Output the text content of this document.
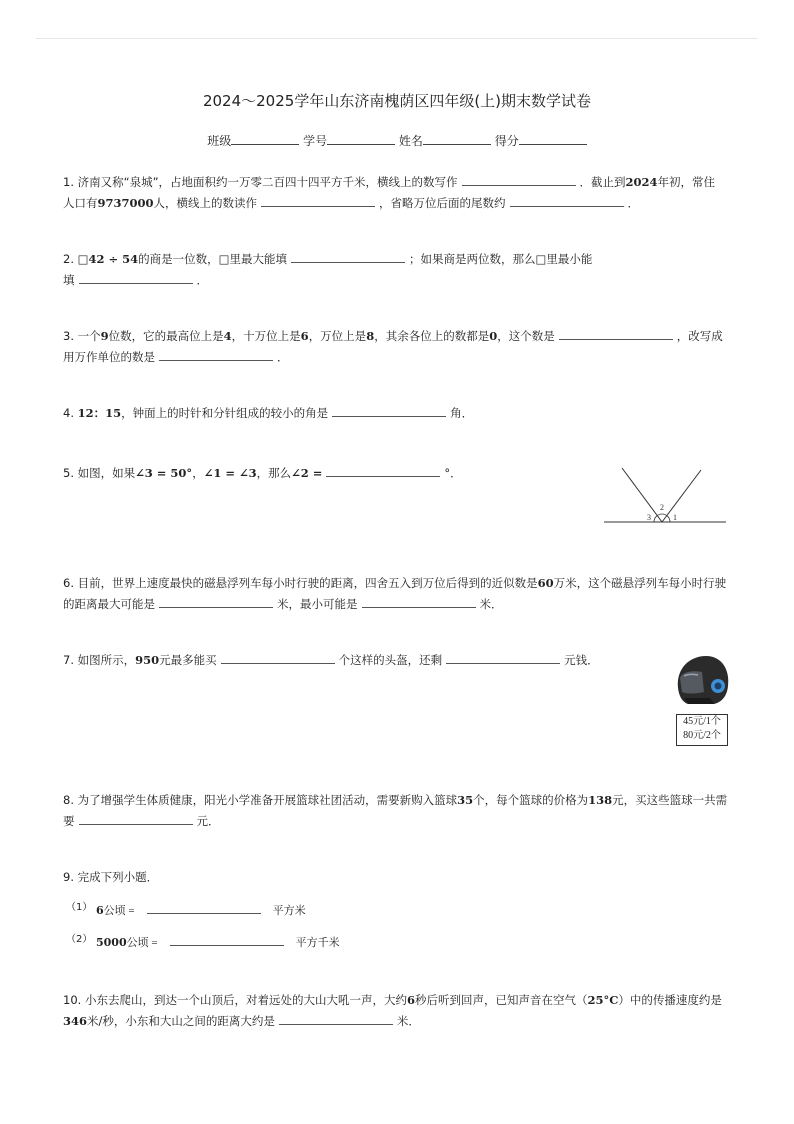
2024～2025学年山东济南槐荫区四年级(上)期末数学试卷
班级	学号	姓名	得分
1. 济南又称“泉城”，占地面积约一万零二百四十四平方千米，横线上的数写作	．截止到2024年初，常住
人口有9737000人，横线上的数读作	，省略万位后面的尾数约	．
2. □42 ÷ 54的商是一位数，□里最大能填	；如果商是两位数，那么□里最小能
填	．
3. 一个9位数，它的最高位上是4，十万位上是6，万位上是8，其余各位上的数都是0，这个数是	，改写成
用万作单位的数是	．
4. 12：15，钟面上的时针和分针组成的较小的角是	角．
5. 如图，如果∠3 = 50°，∠1 = ∠3，那么∠2 =	°．
2
3	1
6. 目前，世界上速度最快的磁悬浮列车每小时行驶的距离，四舍五入到万位后得到的近似数是60万米，这个磁悬浮列车每小时行驶
的距离最大可能是	米，最小可能是	米．
7. 如图所示，950元最多能买	个这样的头盔，还剩	元钱．
45元/1个
80元/2个
8. 为了增强学生体质健康，阳光小学准备开展篮球社团活动，需要新购入篮球35个，每个篮球的价格为138元，买这些篮球一共需
要	元．
9. 完成下列小题．
（1） 6公顷 =	平方米
（2） 5000公顷 =	平方千米
10. 小东去爬山，到达一个山顶后，对着远处的大山大吼一声，大约6秒后听到回声，已知声音在空气（25°C）中的传播速度约是
346米/秒，小东和大山之间的距离大约是	米．
